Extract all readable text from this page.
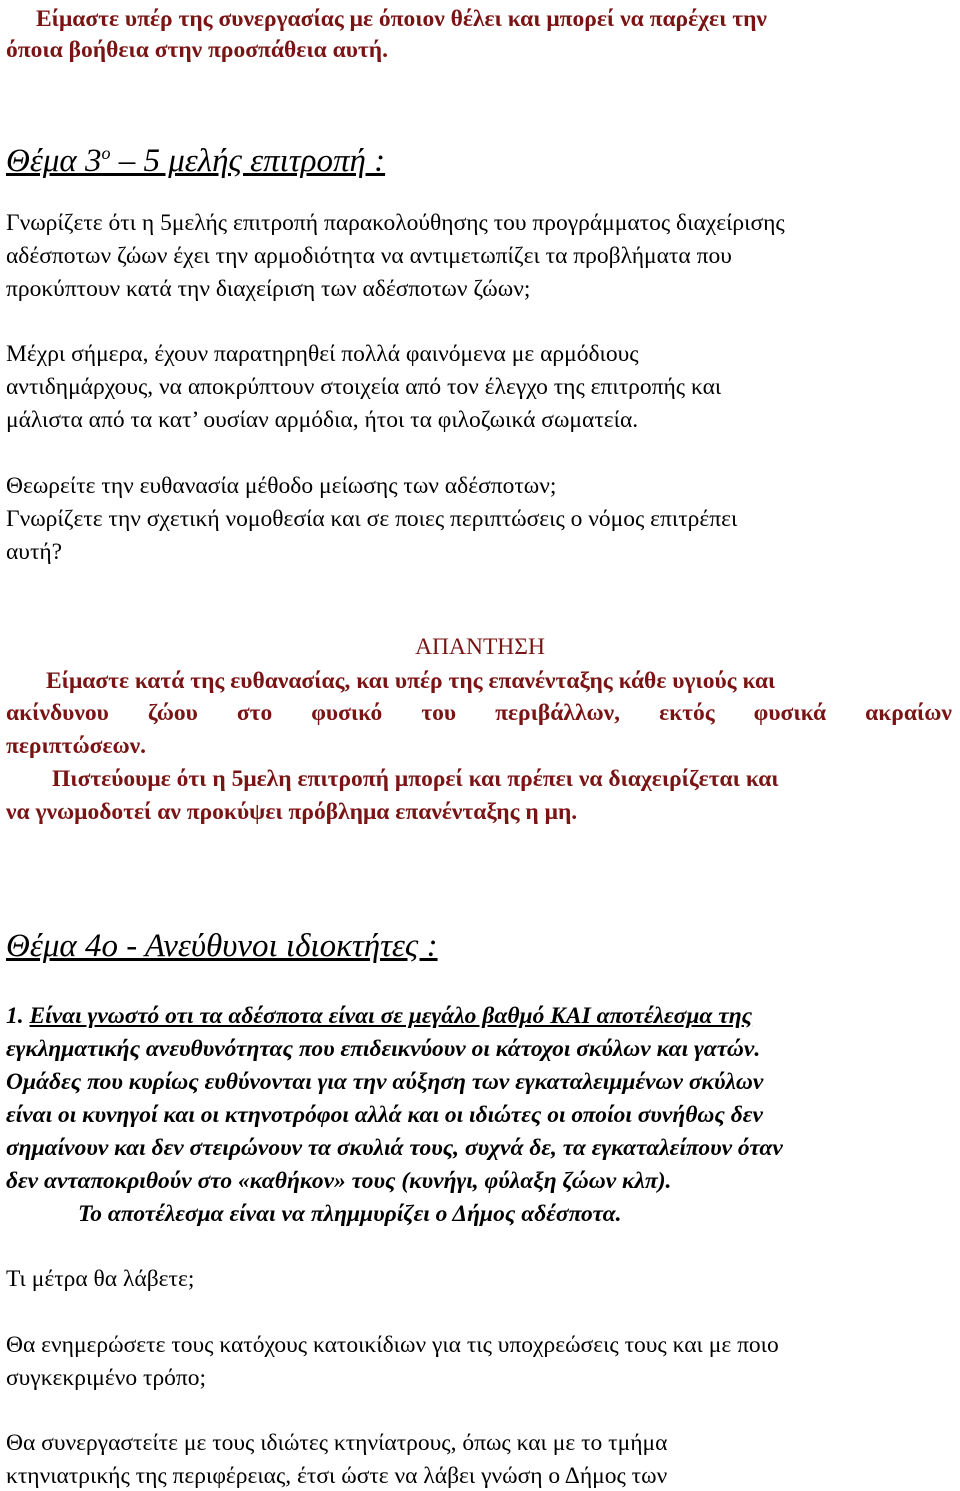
Είμαστε υπέρ της συνεργασίας με όποιον θέλει και μπορεί να παρέχει την
όποια βοήθεια στην προσπάθεια αυτή.
Θέμα $3^o - 5$ μελής επιτροπή :
Γνωρίζετε ότι η 5μελής επιτροπή παρακολούθησης του προγράμματος διαχείρισης
αδέσποτων ζώων έχει την αρμοδιότητα να αντιμετωπίζει τα προβλήματα που
προκύπτουν κατά την διαχείριση των αδέσποτων ζώων;
Μέχρι σήμερα, έχουν παρατηρηθεί πολλά φαινόμενα με αρμόδιους
αντιδημάρχους, να αποκρύπτουν στοιχεία από τον έλεγχο της επιτροπής και
μάλιστα από τα κατ’ ουσίαν αρμόδια, ήτοι τα φιλοζωικά σωματεία.
Θεωρείτε την ευθανασία μέθοδο μείωσης των αδέσποτων;
Γνωρίζετε την σχετική νομοθεσία και σε ποιες περιπτώσεις ο νόμος επιτρέπει
αυτή?
ΑΠΑΝΤΗΣΗ
Είμαστε κατά της ευθανασίας, και υπέρ της επανένταξης κάθε υγιούς και
ακίνδυνου ζώου στο φυσικό του περιβάλλων, εκτός φυσικά ακραίων
περιπτώσεων.
Πιστεύουμε ότι η 5μελη επιτροπή μπορεί και πρέπει να διαχειρίζεται και
να γνωμοδοτεί αν προκύψει πρόβλημα επανένταξης η μη.
Θέμα 4ο - Ανεύθυνοι ιδιοκτήτες :
1. Είναι γνωστό οτι τα αδέσποτα είναι σε μεγάλο βαθμό ΚΑΙ αποτέλεσμα της
εγκληματικής ανευθυνότητας που επιδεικνύουν οι κάτοχοι σκύλων και γατών.
Ομάδες που κυρίως ευθύνονται για την αύξηση των εγκαταλειμμένων σκύλων
είναι οι κυνηγοί και οι κτηνοτρόφοι αλλά και οι ιδιώτες οι οποίοι συνήθως δεν
σημαίνουν και δεν στειρώνουν τα σκυλιά τους, συχνά δε, τα εγκαταλείπουν όταν
δεν ανταποκριθούν στο «καθήκον» τους (κυνήγι, φύλαξη ζώων κλπ).
Το αποτέλεσμα είναι να πλημμυρίζει ο Δήμος αδέσποτα.
Τι μέτρα θα λάβετε;
Θα ενημερώσετε τους κατόχους κατοικίδιων για τις υποχρεώσεις τους και με ποιο
συγκεκριμένο τρόπο;
Θα συνεργαστείτε με τους ιδιώτες κτηνίατρους, όπως και με το τμήμα
κτηνιατρικής της περιφέρειας, έτσι ώστε να λάβει γνώση ο Δήμος των
